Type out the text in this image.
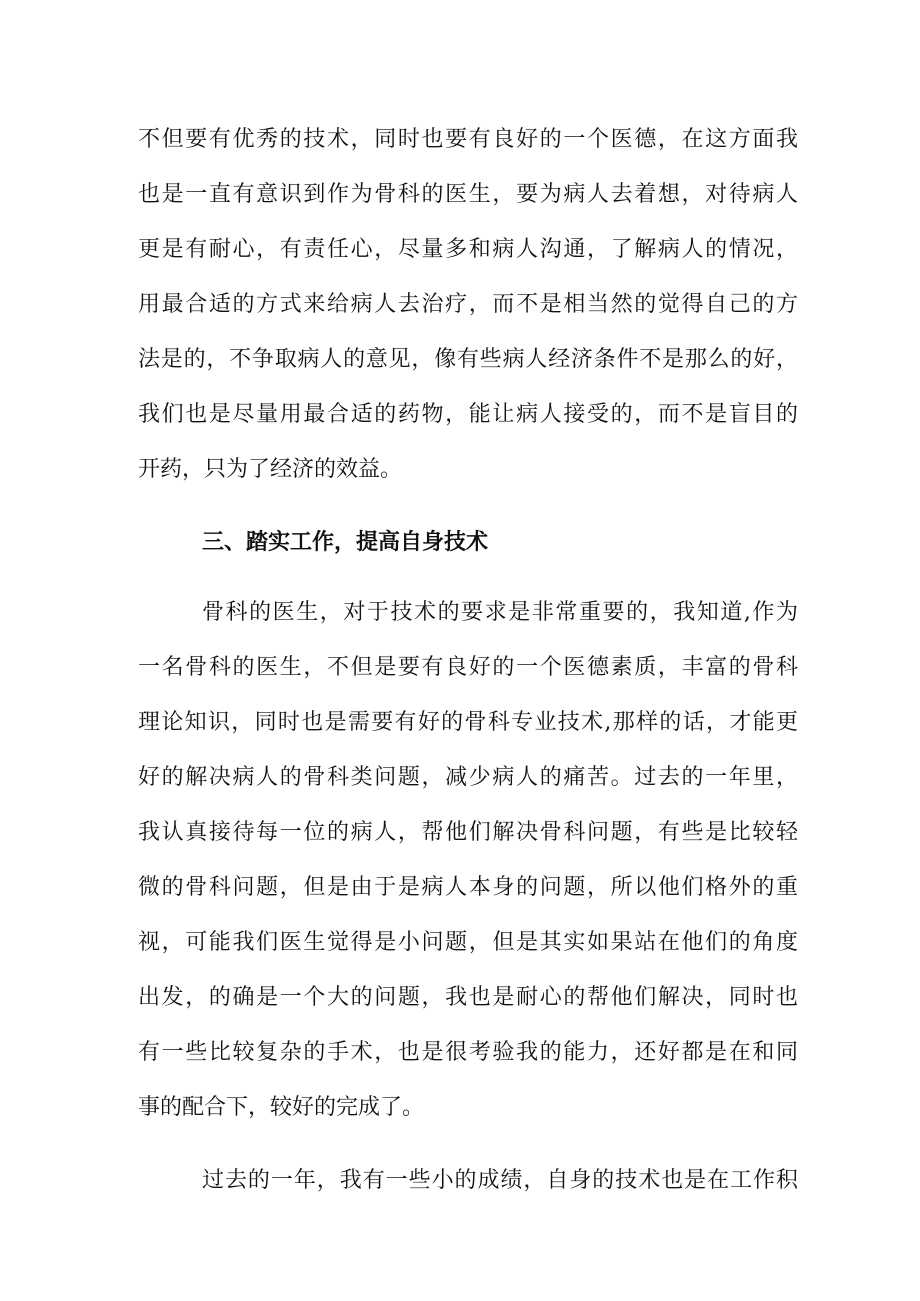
不但要有优秀的技术，同时也要有良好的一个医德，在这方面我
也是一直有意识到作为骨科的医生，要为病人去着想，对待病人
更是有耐心，有责任心，尽量多和病人沟通，了解病人的情况，
用最合适的方式来给病人去治疗，而不是相当然的觉得自己的方
法是的，不争取病人的意见，像有些病人经济条件不是那么的好，
我们也是尽量用最合适的药物，能让病人接受的，而不是盲目的
开药，只为了经济的效益。
三、踏实工作，提高自身技术
骨科的医生，对于技术的要求是非常重要的，我知道,作为
一名骨科的医生，不但是要有良好的一个医德素质，丰富的骨科
理论知识，同时也是需要有好的骨科专业技术,那样的话，才能更
好的解决病人的骨科类问题，减少病人的痛苦。过去的一年里，
我认真接待每一位的病人，帮他们解决骨科问题，有些是比较轻
微的骨科问题，但是由于是病人本身的问题，所以他们格外的重
视，可能我们医生觉得是小问题，但是其实如果站在他们的角度
出发，的确是一个大的问题，我也是耐心的帮他们解决，同时也
有一些比较复杂的手术，也是很考验我的能力，还好都是在和同
事的配合下，较好的完成了。
过去的一年，我有一些小的成绩，自身的技术也是在工作积
